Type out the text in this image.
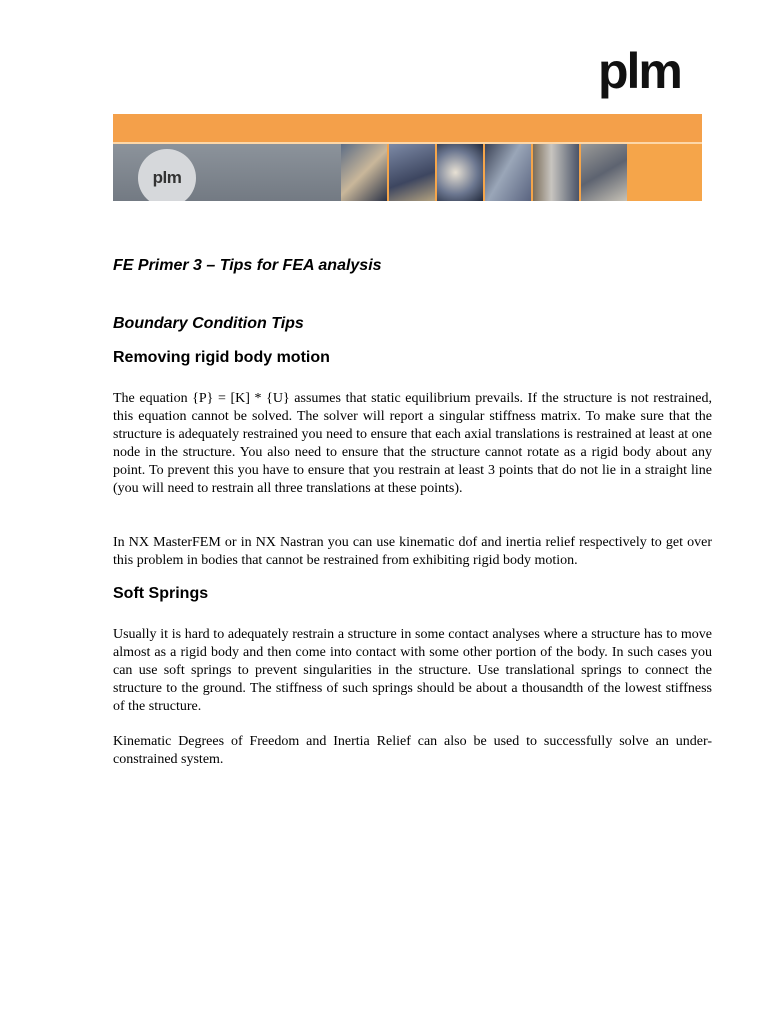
plm
plm
FE Primer 3 – Tips for FEA analysis
Boundary Condition Tips
Removing rigid body motion
The equation {P} = [K] * {U} assumes that static equilibrium prevails. If the structure is not restrained, this equation cannot be solved. The solver will report a singular stiffness matrix. To make sure that the structure is adequately restrained you need to ensure that each axial translations is restrained at least at one node in the structure. You also need to ensure that the structure cannot rotate as a rigid body about any point. To prevent this you have to ensure that you restrain at least 3 points that do not lie in a straight line (you will need to restrain all three translations at these points).
In NX MasterFEM or in NX Nastran you can use kinematic dof and inertia relief respectively to get over this problem in bodies that cannot be restrained from exhibiting rigid body motion.
Soft Springs
Usually it is hard to adequately restrain a structure in some contact analyses where a structure has to move almost as a rigid body and then come into contact with some other portion of the body. In such cases you can use soft springs to prevent singularities in the structure. Use translational springs to connect the structure to the ground. The stiffness of such springs should be about a thousandth of the lowest stiffness of the structure.
Kinematic Degrees of Freedom and Inertia Relief can also be used to successfully solve an under-constrained system.
